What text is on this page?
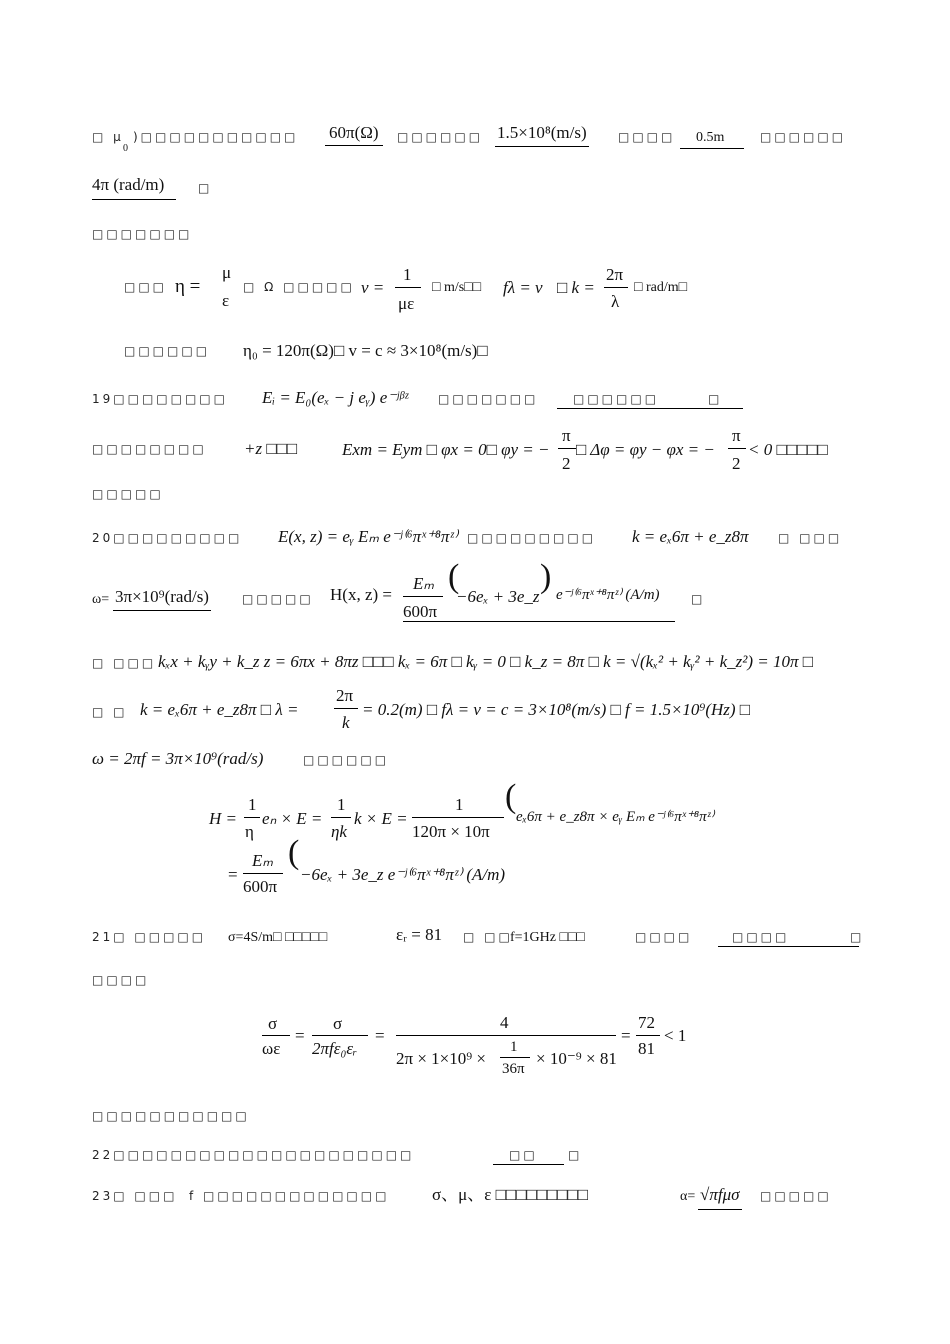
□ μ
0
)□□□□□□□□□□□ 60π(Ω)	□□□□□□ 1.5×10⁸(m/s)	□□□□	0.5m	□□□□□□
4π (rad/m)	□
□□□□□□□
□□□ η =
μ
ε
□ Ω □□□□□ v =
1
με
□ m/s□□ fλ = v □ k =
2π
λ
□ rad/m□
□□□□□□ η₀ = 120π(Ω)□ v = c ≈ 3×10⁸(m/s)□
19□□□□□□□□ Eᵢ = E₀(eₓ − j eᵧ) e⁻ʲᵝᶻ	□□□□□□□	□□□□□□	□
□□□□□□□□ +z □□□	Exm = Eym □ φx = 0□ φy = −
π
2
□ Δφ = φy − φx = −
π
2
< 0 □□□□□
□□□□□
20□□□□□□□□□ E(x, z) = eᵧ Eₘ e⁻ʲ⁽⁶πˣ⁺⁸πᶻ⁾ □□□□□□□□□ k = eₓ6π + e_z8π □ □□□
ω= 3π×10⁹(rad/s)	□□□□□ H(x, z) =
Eₘ
600π
(
−6eₓ + 3e_z
) e⁻ʲ⁽⁶πˣ⁺⁸πᶻ⁾ (A/m)	□
□ □□□ kₓx + kᵧy + k_z z = 6πx + 8πz □□□ kₓ = 6π □ kᵧ = 0 □ k_z = 8π □ k = √(kₓ² + kᵧ² + k_z²) = 10π □
□ □ k = eₓ6π + e_z8π □ λ =
2π
k
= 0.2(m) □ fλ = v = c = 3×10⁸(m/s) □ f = 1.5×10⁹(Hz) □
ω = 2πf = 3π×10⁹(rad/s)	□□□□□□
H =
1
η
eₙ × E =
1
ηk
k × E =
1
120π × 10π
(
eₓ6π + e_z8π × eᵧ Eₘ e⁻ʲ⁽⁶πˣ⁺⁸πᶻ⁾
=
Eₘ
600π
(
−6eₓ + 3e_z e⁻ʲ⁽⁶πˣ⁺⁸πᶻ⁾ (A/m)
21□ □□□□□ σ=4S/m□ □□□□□	εᵣ = 81 □ □□
f=1GHz □□□	□□□□	□□□□	□
□□□□
σ
ωε
=
σ
2πfε₀εᵣ
=
4
2π × 1×10⁹ ×
1
36π
× 10⁻⁹ × 81
=
72
81
< 1
□□□□□□□□□□□
22□□□□□□□□□□□□□□□□□□□□□	□□	□
23□ □□□ f □□□□□□□□□□□□□	σ、μ、ε □□□□□□□□□	α= √πfμσ □□□□□
